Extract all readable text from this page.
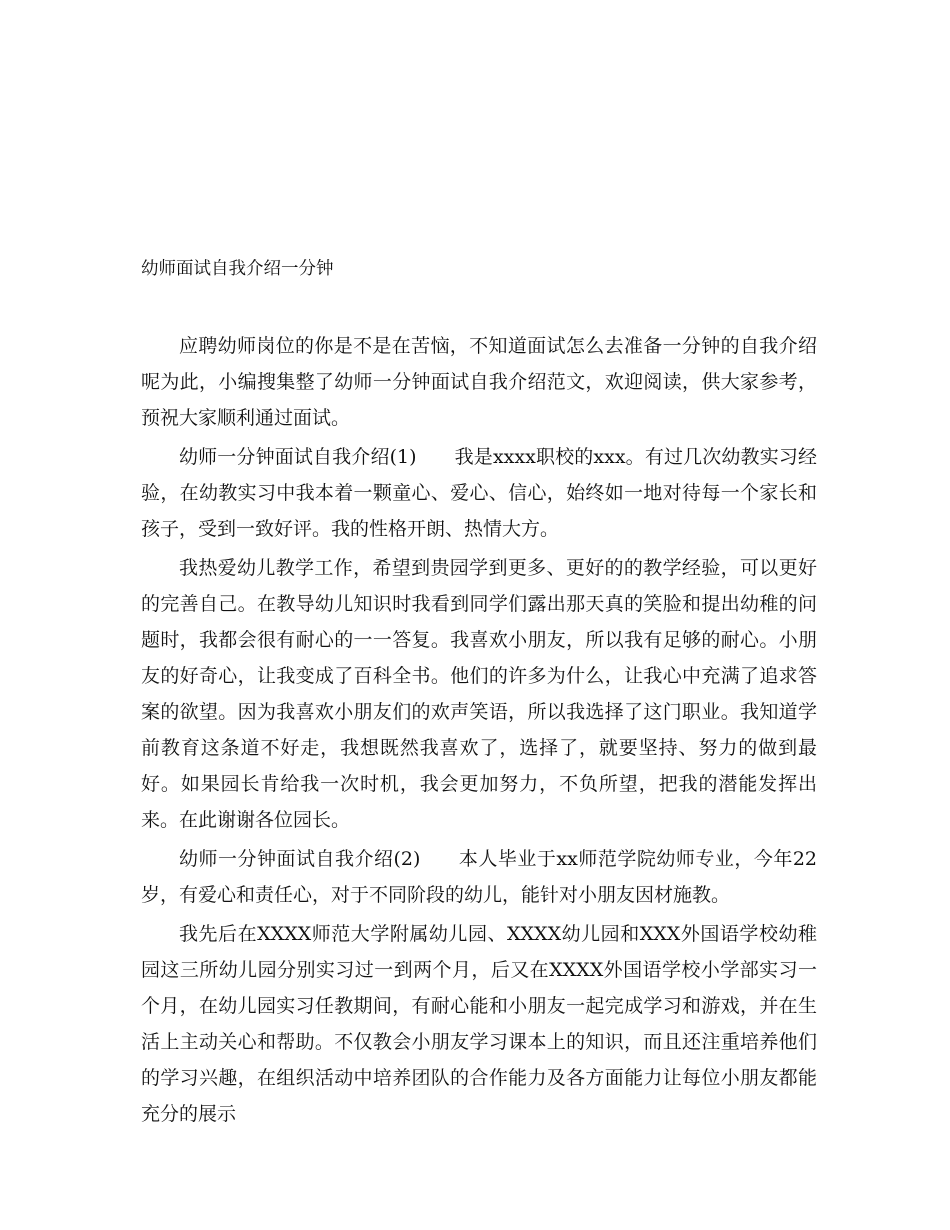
幼师面试自我介绍一分钟

应聘幼师岗位的你是不是在苦恼，不知道面试怎么去准备一分钟的自我介绍呢为此，小编搜集整了幼师一分钟面试自我介绍范文，欢迎阅读，供大家参考，预祝大家顺利通过面试。

幼师一分钟面试自我介绍(1) 我是xxxx职校的xxx。有过几次幼教实习经验，在幼教实习中我本着一颗童心、爱心、信心，始终如一地对待每一个家长和孩子，受到一致好评。我的性格开朗、热情大方。

我热爱幼儿教学工作，希望到贵园学到更多、更好的的教学经验，可以更好的完善自己。在教导幼儿知识时我看到同学们露出那天真的笑脸和提出幼稚的问题时，我都会很有耐心的一一答复。我喜欢小朋友，所以我有足够的耐心。小朋友的好奇心，让我变成了百科全书。他们的许多为什么，让我心中充满了追求答案的欲望。因为我喜欢小朋友们的欢声笑语，所以我选择了这门职业。我知道学前教育这条道不好走，我想既然我喜欢了，选择了，就要坚持、努力的做到最好。如果园长肯给我一次时机，我会更加努力，不负所望，把我的潜能发挥出来。在此谢谢各位园长。

幼师一分钟面试自我介绍(2) 本人毕业于xx师范学院幼师专业，今年22岁，有爱心和责任心，对于不同阶段的幼儿，能针对小朋友因材施教。

我先后在XXXX师范大学附属幼儿园、XXXX幼儿园和XXX外国语学校幼稚园这三所幼儿园分别实习过一到两个月，后又在XXXX外国语学校小学部实习一个月，在幼儿园实习任教期间，有耐心能和小朋友一起完成学习和游戏，并在生活上主动关心和帮助。不仅教会小朋友学习课本上的知识，而且还注重培养他们的学习兴趣，在组织活动中培养团队的合作能力及各方面能力让每位小朋友都能充分的展示
